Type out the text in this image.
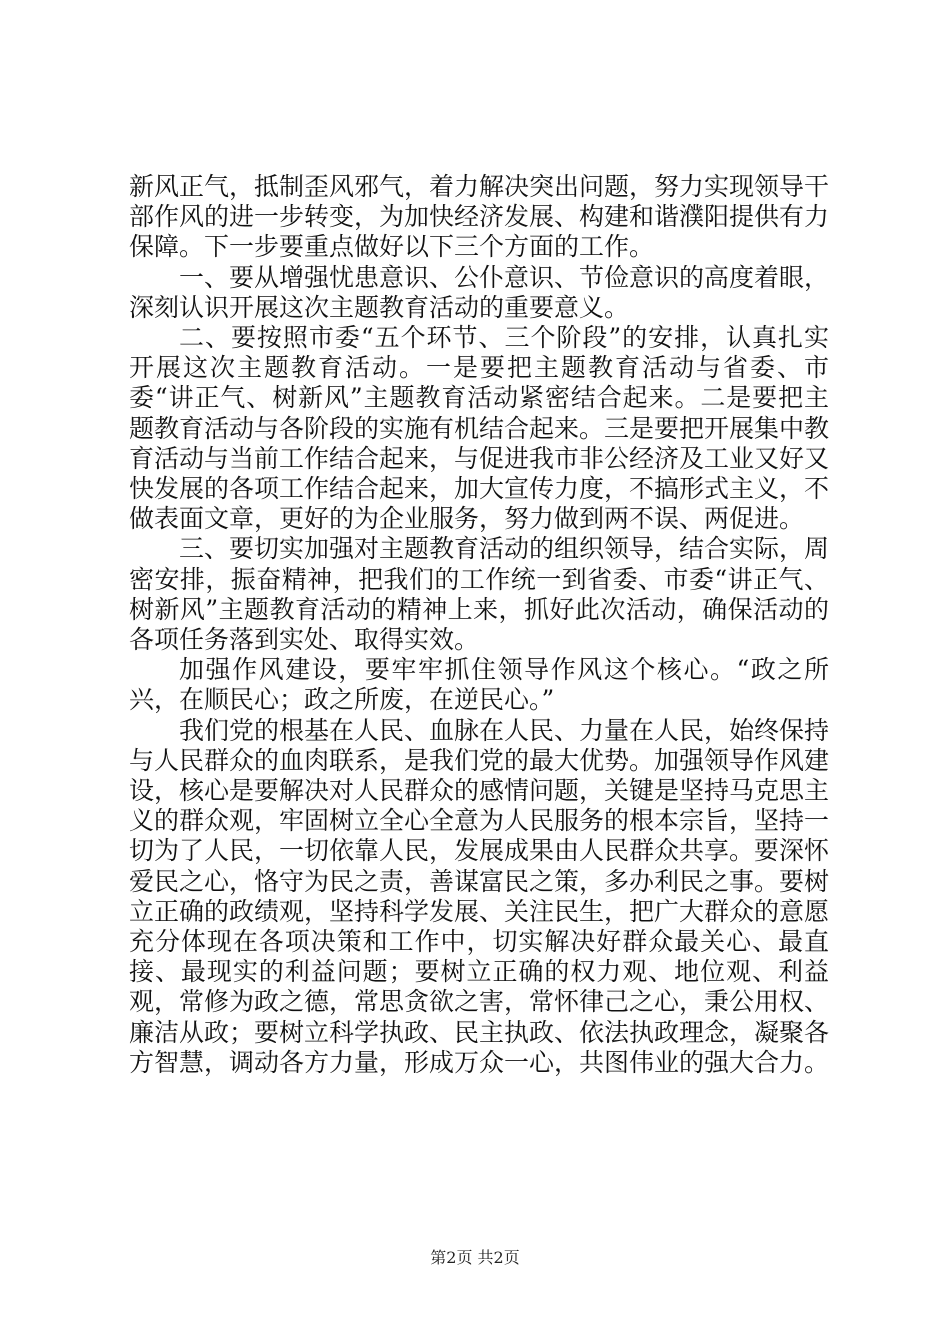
新风正气，抵制歪风邪气，着力解决突出问题，努力实现领导干部作风的进一步转变，为加快经济发展、构建和谐濮阳提供有力保障。下一步要重点做好以下三个方面的工作。

一、要从增强忧患意识、公仆意识、节俭意识的高度着眼，深刻认识开展这次主题教育活动的重要意义。

二、要按照市委“五个环节、三个阶段”的安排，认真扎实开展这次主题教育活动。一是要把主题教育活动与省委、市委“讲正气、树新风”主题教育活动紧密结合起来。二是要把主题教育活动与各阶段的实施有机结合起来。三是要把开展集中教育活动与当前工作结合起来，与促进我市非公经济及工业又好又快发展的各项工作结合起来，加大宣传力度，不搞形式主义，不做表面文章，更好的为企业服务，努力做到两不误、两促进。

三、要切实加强对主题教育活动的组织领导，结合实际，周密安排，振奋精神，把我们的工作统一到省委、市委“讲正气、树新风”主题教育活动的精神上来，抓好此次活动，确保活动的各项任务落到实处、取得实效。

加强作风建设，要牢牢抓住领导作风这个核心。“政之所兴，在顺民心；政之所废，在逆民心。”

我们党的根基在人民、血脉在人民、力量在人民，始终保持与人民群众的血肉联系，是我们党的最大优势。加强领导作风建设，核心是要解决对人民群众的感情问题，关键是坚持马克思主义的群众观，牢固树立全心全意为人民服务的根本宗旨，坚持一切为了人民，一切依靠人民，发展成果由人民群众共享。要深怀爱民之心，恪守为民之责，善谋富民之策，多办利民之事。要树立正确的政绩观，坚持科学发展、关注民生，把广大群众的意愿充分体现在各项决策和工作中，切实解决好群众最关心、最直接、最现实的利益问题；要树立正确的权力观、地位观、利益观，常修为政之德，常思贪欲之害，常怀律己之心，秉公用权、廉洁从政；要树立科学执政、民主执政、依法执政理念，凝聚各方智慧，调动各方力量，形成万众一心，共图伟业的强大合力。

第2页 共2页
